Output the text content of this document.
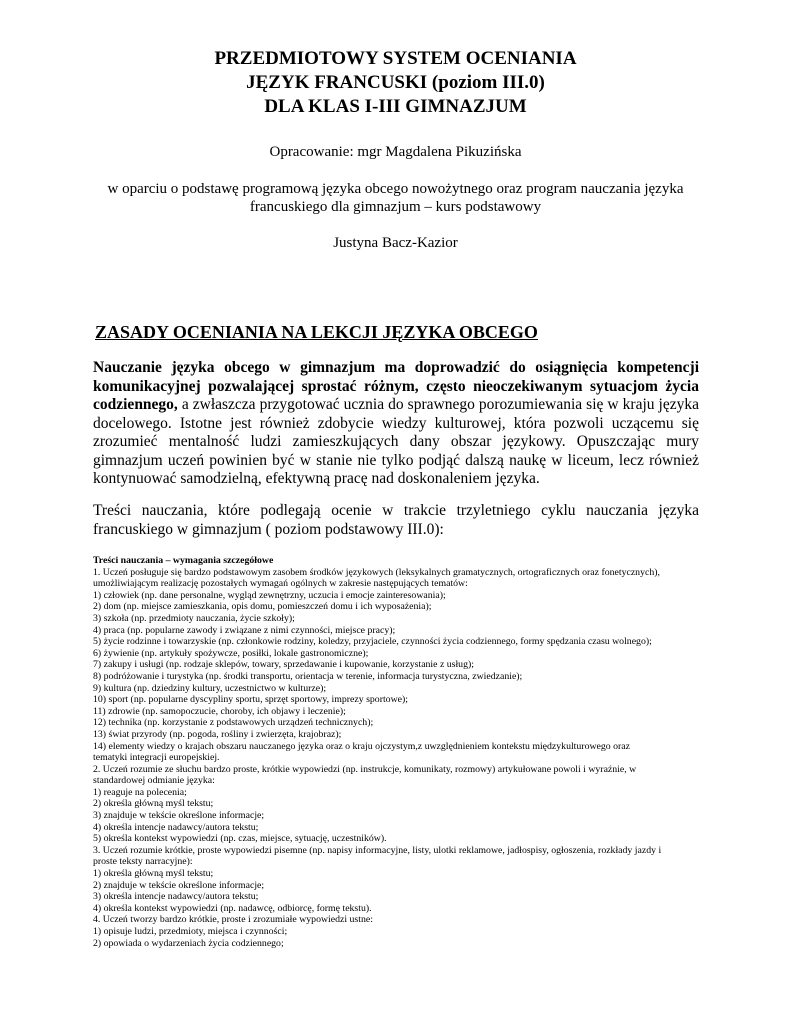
PRZEDMIOTOWY SYSTEM OCENIANIA
JĘZYK FRANCUSKI (poziom III.0)
DLA KLAS I-III GIMNAZJUM
Opracowanie: mgr Magdalena Pikuzińska
w oparciu o podstawę programową języka obcego nowożytnego oraz program nauczania języka
francuskiego dla gimnazjum – kurs podstawowy
Justyna Bacz-Kazior
ZASADY OCENIANIA NA LEKCJI JĘZYKA OBCEGO
Nauczanie języka obcego w gimnazjum ma doprowadzić do osiągnięcia kompetencji komunikacyjnej pozwalającej sprostać różnym, często nieoczekiwanym sytuacjom życia codziennego, a zwłaszcza przygotować ucznia do sprawnego porozumiewania się w kraju języka docelowego. Istotne jest również zdobycie wiedzy kulturowej, która pozwoli uczącemu się zrozumieć mentalność ludzi zamieszkujących dany obszar językowy. Opuszczając mury gimnazjum uczeń powinien być w stanie nie tylko podjąć dalszą naukę w liceum, lecz również kontynuować samodzielną, efektywną pracę nad doskonaleniem języka.
Treści nauczania, które podlegają ocenie w trakcie trzyletniego cyklu nauczania języka francuskiego w gimnazjum ( poziom podstawowy III.0):
Treści nauczania – wymagania szczegółowe
1. Uczeń posługuje się bardzo podstawowym zasobem środków językowych (leksykalnych gramatycznych, ortograficznych oraz fonetycznych),
umożliwiającym realizację pozostałych wymagań ogólnych w zakresie następujących tematów:
1) człowiek (np. dane personalne, wygląd zewnętrzny, uczucia i emocje zainteresowania);
2) dom (np. miejsce zamieszkania, opis domu, pomieszczeń domu i ich wyposażenia);
3) szkoła (np. przedmioty nauczania, życie szkoły);
4) praca (np. popularne zawody i związane z nimi czynności, miejsce pracy);
5) życie rodzinne i towarzyskie (np. członkowie rodziny, koledzy, przyjaciele, czynności życia codziennego, formy spędzania czasu wolnego);
6) żywienie (np. artykuły spożywcze, posiłki, lokale gastronomiczne);
7) zakupy i usługi (np. rodzaje sklepów, towary, sprzedawanie i kupowanie, korzystanie z usług);
8) podróżowanie i turystyka (np. środki transportu, orientacja w terenie, informacja turystyczna, zwiedzanie);
9) kultura (np. dziedziny kultury, uczestnictwo w kulturze);
10) sport (np. popularne dyscypliny sportu, sprzęt sportowy, imprezy sportowe);
11) zdrowie (np. samopoczucie, choroby, ich objawy i leczenie);
12) technika (np. korzystanie z podstawowych urządzeń technicznych);
13) świat przyrody (np. pogoda, rośliny i zwierzęta, krajobraz);
14) elementy wiedzy o krajach obszaru nauczanego języka oraz o kraju ojczystym,z uwzględnieniem kontekstu międzykulturowego oraz
tematyki integracji europejskiej.
2. Uczeń rozumie ze słuchu bardzo proste, krótkie wypowiedzi (np. instrukcje, komunikaty, rozmowy) artykułowane powoli i wyraźnie, w
standardowej odmianie języka:
1) reaguje na polecenia;
2) określa główną myśl tekstu;
3) znajduje w tekście określone informacje;
4) określa intencje nadawcy/autora tekstu;
5) określa kontekst wypowiedzi (np. czas, miejsce, sytuację, uczestników).
3. Uczeń rozumie krótkie, proste wypowiedzi pisemne (np. napisy informacyjne, listy, ulotki reklamowe, jadłospisy, ogłoszenia, rozkłady jazdy i
proste teksty narracyjne):
1) określa główną myśl tekstu;
2) znajduje w tekście określone informacje;
3) określa intencje nadawcy/autora tekstu;
4) określa kontekst wypowiedzi (np. nadawcę, odbiorcę, formę tekstu).
4. Uczeń tworzy bardzo krótkie, proste i zrozumiałe wypowiedzi ustne:
1) opisuje ludzi, przedmioty, miejsca i czynności;
2) opowiada o wydarzeniach życia codziennego;
